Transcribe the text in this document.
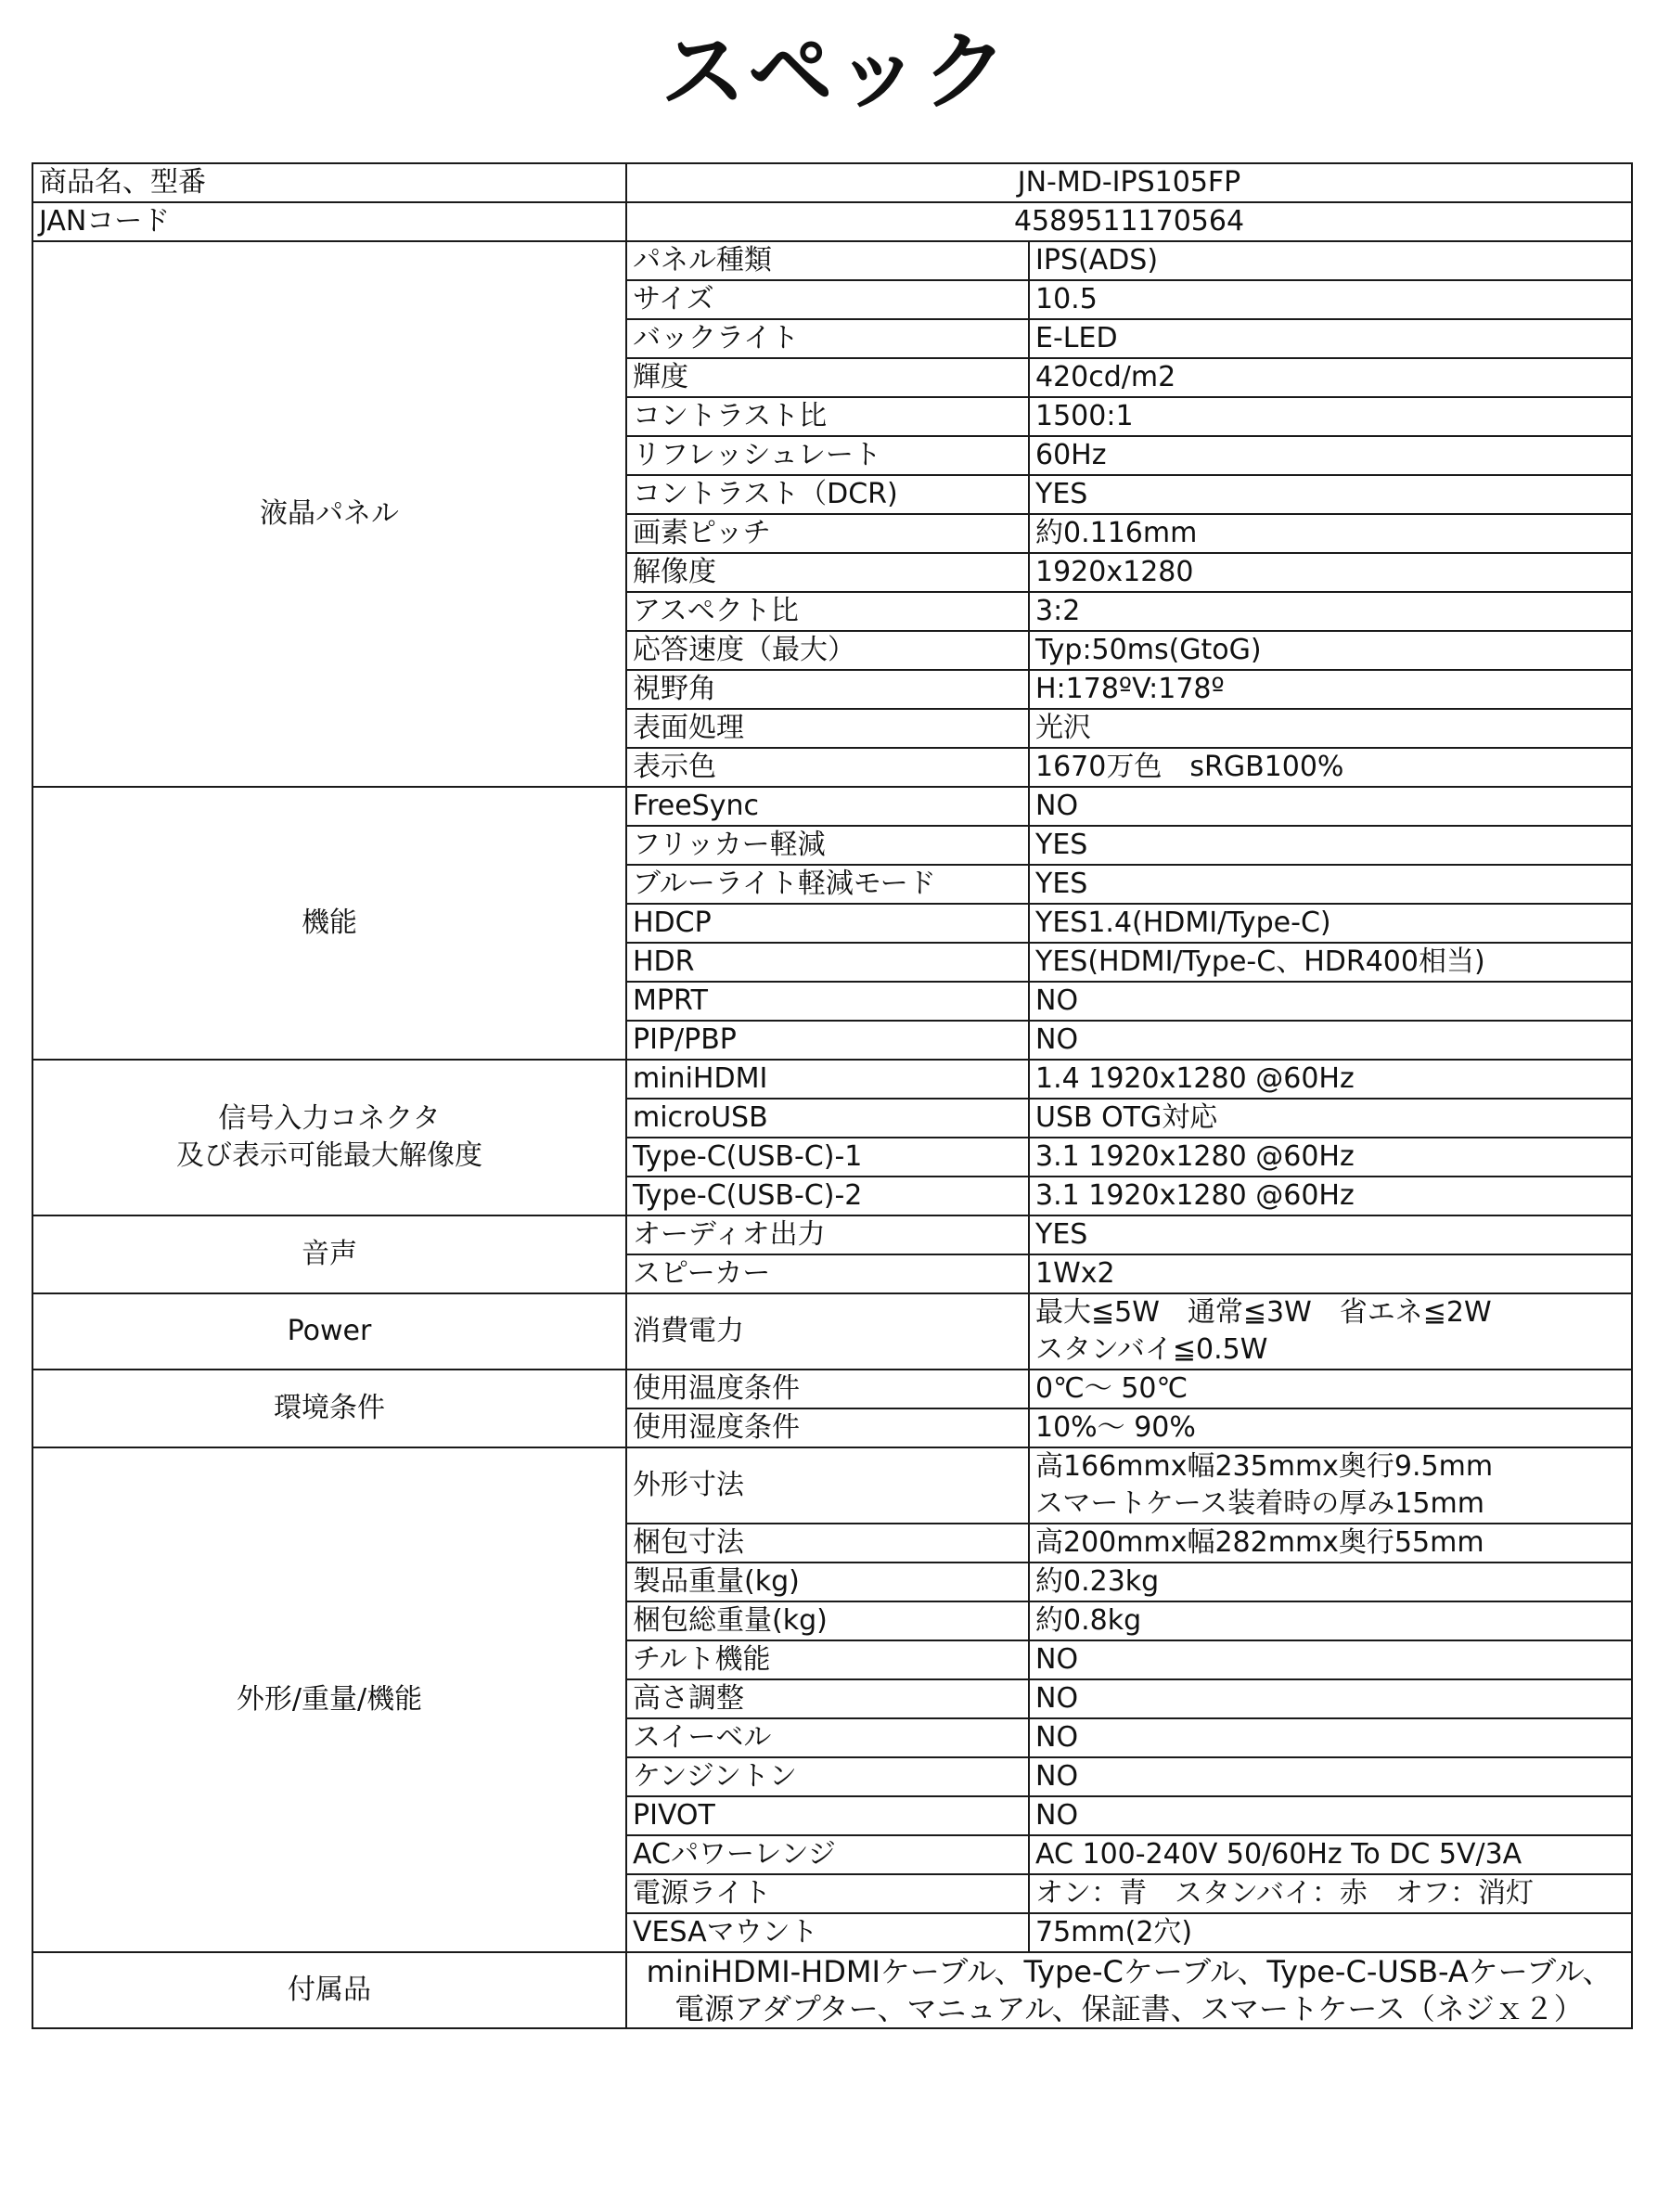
スペック
商品名、型番	JN-MD-IPS105FP	
JANコード	4589511170564	
液晶パネル	パネル種類	IPS(ADS)
	サイズ	10.5
	バックライト	E-LED
	輝度	420cd/m2
	コントラスト比	1500:1
	リフレッシュレート	60Hz
	コントラスト（DCR)	YES
	画素ピッチ	約0.116mm
	解像度	1920x1280
	アスペクト比	3:2
	応答速度（最大）	Typ:50ms(GtoG)
	視野角	H:178ºV:178º
	表面処理	光沢
	表示色	1670万色　sRGB100%
機能	FreeSync	NO
	フリッカー軽減	YES
	ブルーライト軽減モード	YES
	HDCP	YES1.4(HDMI/Type-C)
	HDR	YES(HDMI/Type-C、HDR400相当)
	MPRT	NO
	PIP/PBP	NO

信号入力コネクタ
及び表示可能最大解像度	miniHDMI	1.4 1920x1280 @60Hz
	microUSB	USB OTG対応
	Type-C(USB-C)-1	3.1 1920x1280 @60Hz
	Type-C(USB-C)-2	3.1 1920x1280 @60Hz
音声	オーディオ出力	YES
	スピーカー	1Wx2
Power	消費電力	最大≦5W　通常≦3W　省エネ≦2W
スタンバイ≦0.5W

環境条件	使用温度条件	0℃～ 50℃
	使用湿度条件	10%～ 90%
外形/重量/機能	外形寸法	高166mmx幅235mmx奥行9.5mm
スマートケース装着時の厚み15mm

	梱包寸法	高200mmx幅282mmx奥行55mm
	製品重量(kg)	約0.23kg
	梱包総重量(kg)	約0.8kg
	チルト機能	NO
	高さ調整	NO
	スイーベル	NO
	ケンジントン	NO
	PIVOT	NO
	ACパワーレンジ	AC 100-240V 50/60Hz To DC 5V/3A
	電源ライト	オン：青　スタンバイ：赤　オフ：消灯
	VESAマウント	75mm(2穴)
付属品	miniHDMI-HDMIケーブル、Type-Cケーブル、Type-C-USB-Aケーブル、
電源アダプター、マニュアル、保証書、スマートケース（ネジｘ２）	
